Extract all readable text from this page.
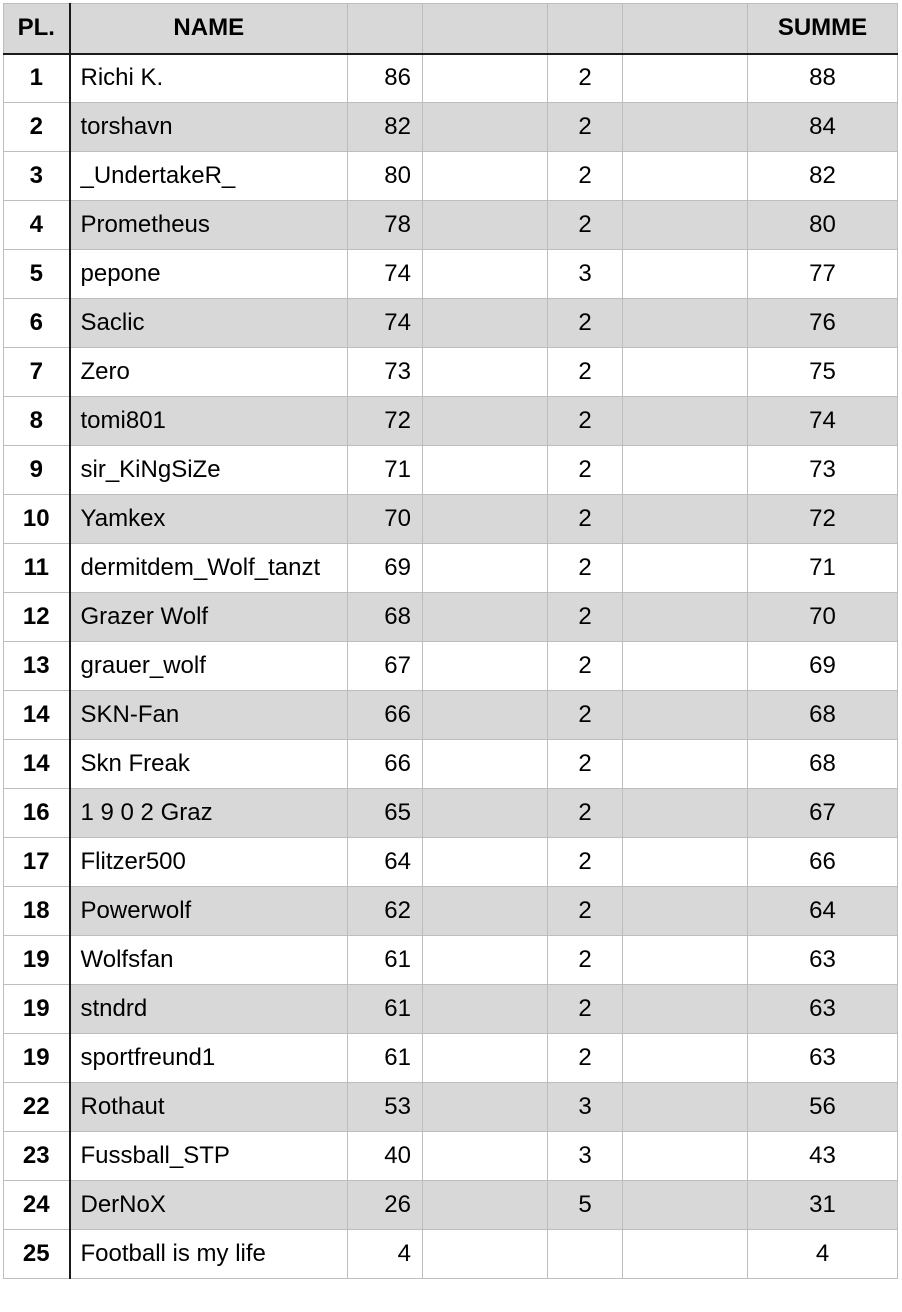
PL.	NAME					SUMME
1	Richi K.	86		2		88
2	torshavn	82		2		84
3	_UndertakeR_	80		2		82
4	Prometheus	78		2		80
5	pepone	74		3		77
6	Saclic	74		2		76
7	Zero	73		2		75
8	tomi801	72		2		74
9	sir_KiNgSiZe	71		2		73
10	Yamkex	70		2		72
11	dermitdem_Wolf_tanzt	69		2		71
12	Grazer Wolf	68		2		70
13	grauer_wolf	67		2		69
14	SKN-Fan	66		2		68
14	Skn Freak	66		2		68
16	1 9 0 2 Graz	65		2		67
17	Flitzer500	64		2		66
18	Powerwolf	62		2		64
19	Wolfsfan	61		2		63
19	stndrd	61		2		63
19	sportfreund1	61		2		63
22	Rothaut	53		3		56
23	Fussball_STP	40		3		43
24	DerNoX	26		5		31
25	Football is my life	4				4
